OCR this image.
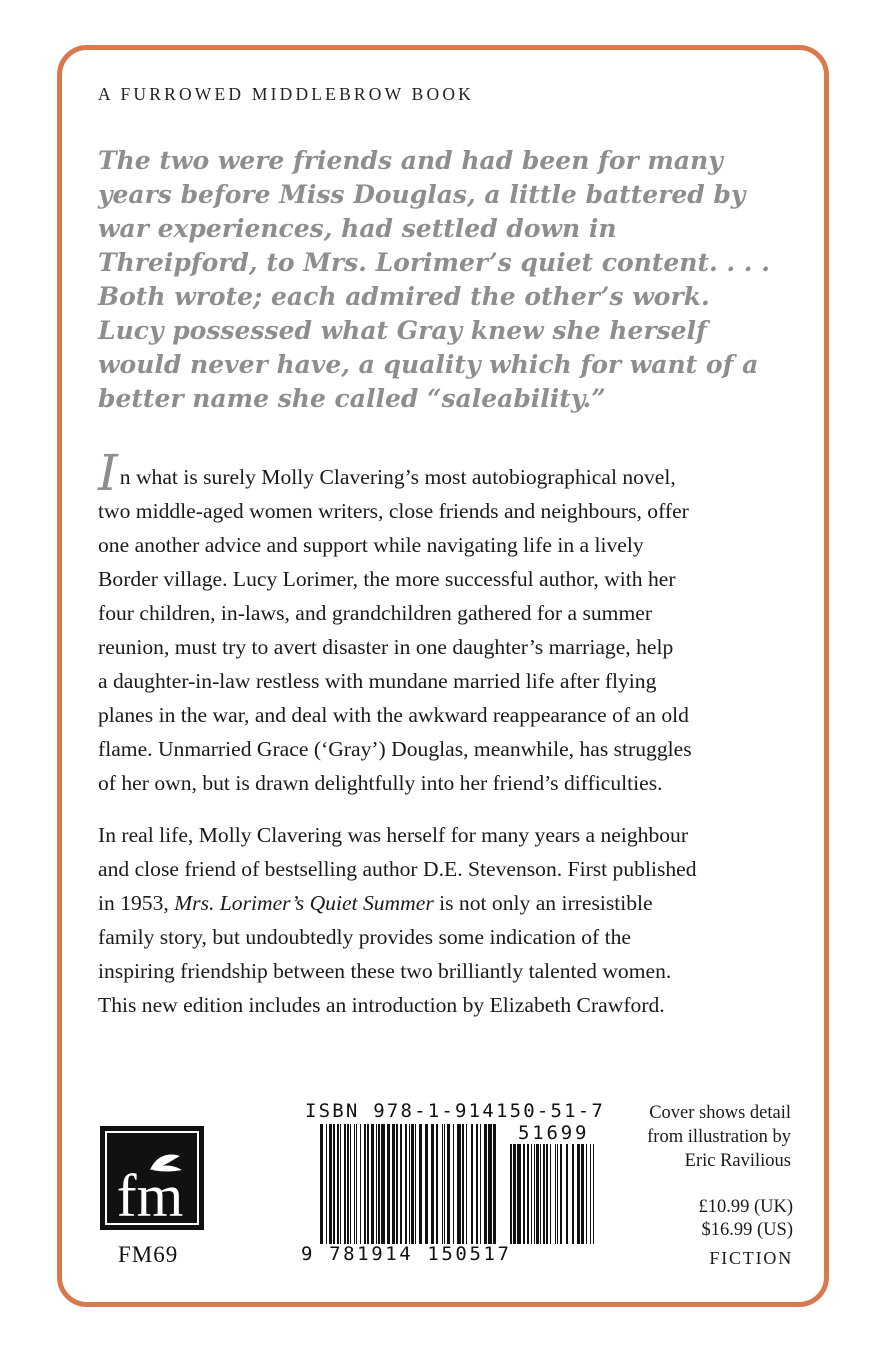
A FURROWED MIDDLEBROW BOOK
The two were friends and had been for many
years before Miss Douglas, a little battered by
war experiences, had settled down in
Threipford, to Mrs. Lorimer’s quiet content. . . .
Both wrote; each admired the other’s work.
Lucy possessed what Gray knew she herself
would never have, a quality which for want of a
better name she called “saleability.”
In what is surely Molly Clavering’s most autobiographical novel,
two middle-aged women writers, close friends and neighbours, offer
one another advice and support while navigating life in a lively
Border village. Lucy Lorimer, the more successful author, with her
four children, in-laws, and grandchildren gathered for a summer
reunion, must try to avert disaster in one daughter’s marriage, help
a daughter-in-law restless with mundane married life after flying
planes in the war, and deal with the awkward reappearance of an old
flame. Unmarried Grace (‘Gray’) Douglas, meanwhile, has struggles
of her own, but is drawn delightfully into her friend’s difficulties.
In real life, Molly Clavering was herself for many years a neighbour
and close friend of bestselling author D.E. Stevenson. First published
in 1953, Mrs. Lorimer’s Quiet Summer is not only an irresistible
family story, but undoubtedly provides some indication of the
inspiring friendship between these two brilliantly talented women.
This new edition includes an introduction by Elizabeth Crawford.
fm
FM69
ISBN 978-1-914150-51-7
51699
9 781914 150517
Cover shows detail
from illustration by
Eric Ravilious
£10.99 (UK)
$16.99 (US)
FICTION
